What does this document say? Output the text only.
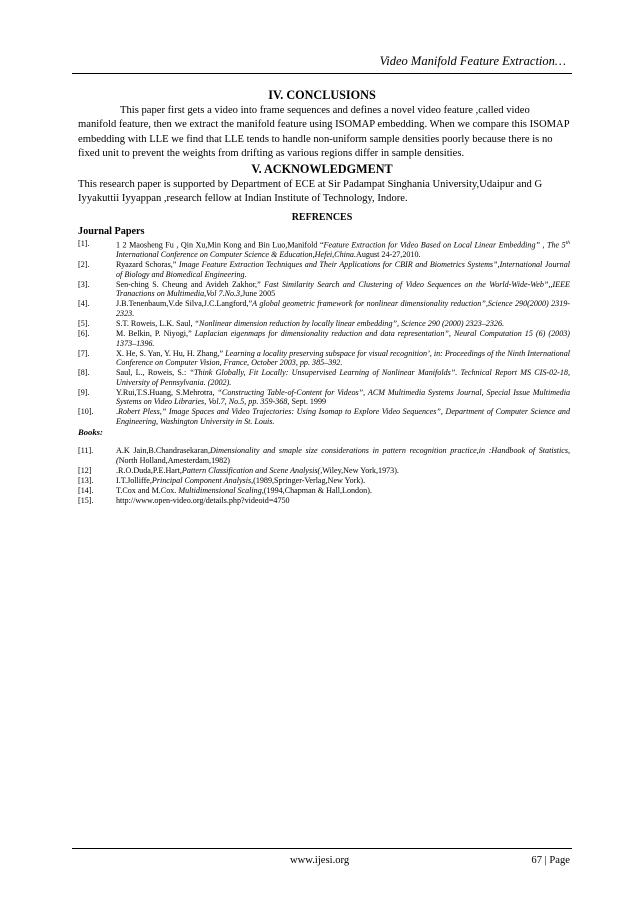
Video Manifold Feature Extraction…
IV. CONCLUSIONS
This paper first gets a video into frame sequences and defines a novel video feature ,called video manifold feature, then we extract the manifold feature using ISOMAP embedding. When we compare this ISOMAP embedding with LLE we find that LLE tends to handle non-uniform sample densities poorly because there is no fixed unit to prevent the weights from drifting as various regions differ in sample densities.
V. ACKNOWLEDGMENT
This research paper is supported by Department of ECE at Sir Padampat Singhania University,Udaipur and G Iyyakuttii Iyyappan ,research fellow at Indian Institute of Technology, Indore.
REFRENCES
Journal Papers
[1].	1 2 Maosheng Fu , Qin Xu,Min Kong and Bin Luo,Manifold “Feature Extraction for Video Based on Local Linear Embedding” , The 5th International Conference on Computer Science & Education,Hefei,China.August 24-27,2010.
[2].	Ryazard Schoras,” Image Feature Extraction Techniques and Their Applications for CBIR and Biometrics Systems”,International Journal of Biology and Biomedical Engineering.
[3].	Sen-ching S. Cheung and Avideh Zakhor,” Fast Similarity Search and Clustering of Video Sequences on the World-Wide-Web”,,IEEE Tranactions on Multimedia,Vol 7.No.3,June 2005
[4].	J.B.Tenenbaum,V.de Silva,J.C.Langford,”A global geometric framework for nonlinear dimensionality reduction”,Science 290(2000) 2319-2323.
[5].	S.T. Roweis, L.K. Saul, “Nonlinear dimension reduction by locally linear embedding”, Science 290 (2000) 2323–2326.
[6].	M. Belkin, P. Niyogi,” Laplacian eigenmaps for dimensionality reduction and data representation”, Neural Computation 15 (6) (2003) 1373–1396.
[7].	X. He, S. Yan, Y. Hu, H. Zhang,” Learning a locality preserving subspace for visual recognition’, in: Proceedings of the Ninth International Conference on Computer Vision, France, October 2003, pp. 385–392.
[8].	Saul, L., Roweis, S.: “Think Globally, Fit Locally: Unsupervised Learning of Nonlinear Manifolds”. Technical Report MS CIS-02-18, University of Pennsylvania. (2002).
[9].	Y.Rui,T.S.Huang, S.Mehrotra, “Constructing Table-of-Content for Videos”, ACM Multimedia Systems Journal, Special Issue Multimedia Systems on Video Libraries, Vol.7, No.5, pp. 359-368, Sept. 1999
[10].	.Robert Pless,” Image Spaces and Video Trajectories: Using Isomap to Explore Video Sequences”, Department of Computer Science and Engineering, Washington University in St. Louis.
Books:
[11].	A.K Jain,B.Chandrasekaran,Dimensionality and smaple size considerations in pattern recognition practice,in :Handbook of Statistics,(North Holland,Amesterdam,1982)
[12]	.R.O.Duda,P.E.Hart,Pattern Classification and Scene Analysis(,Wiley,New York,1973).
[13].	I.T.Jolliffe,Principal Component Analysis,(1989,Springer-Verlag,New York).
[14].	T.Cox and M.Cox. Multidimensional Scaling,(1994,Chapman & Hall,London).
[15].	http://www.open-video.org/details.php?videoid=4750
www.ijesi.org	67 | Page
